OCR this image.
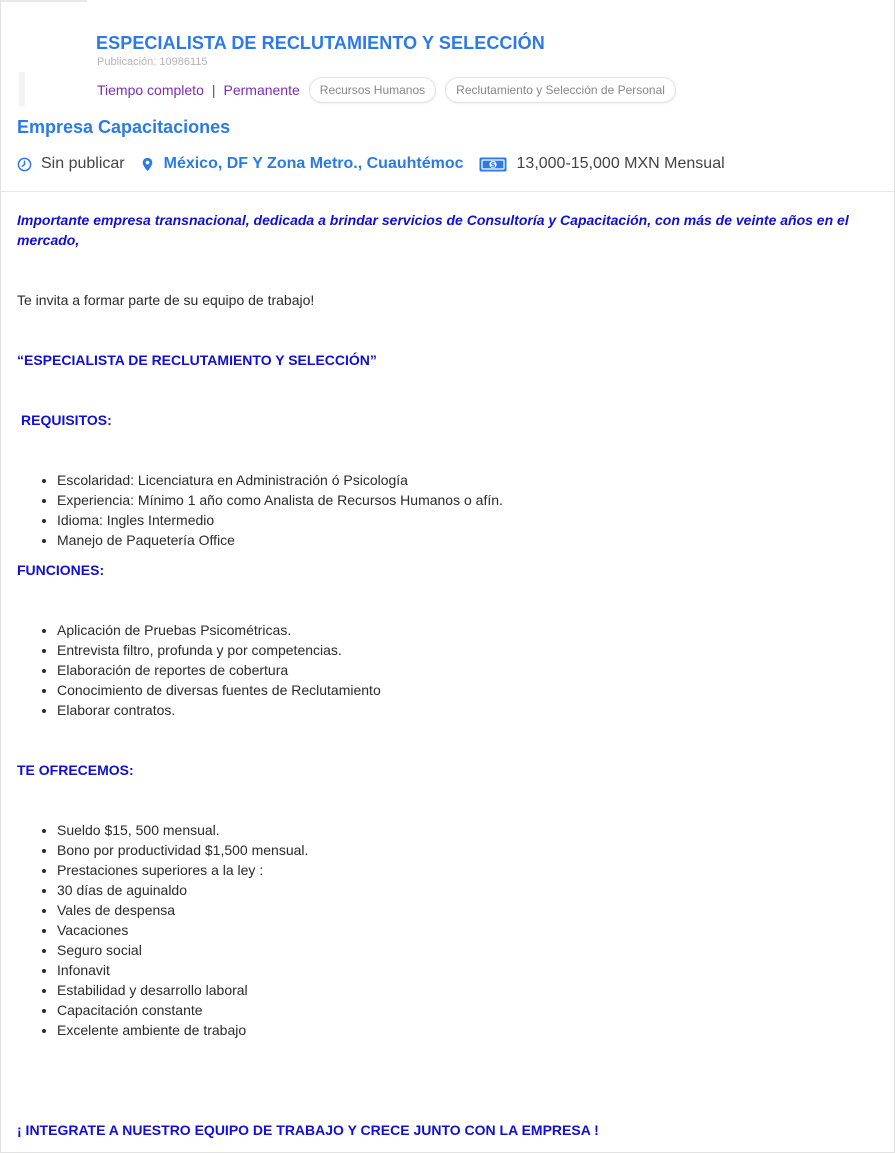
ESPECIALISTA DE RECLUTAMIENTO Y SELECCIÓN
Publicación: 10986115
Tiempo completo | Permanente	Recursos Humanos	Reclutamiento y Selección de Personal
Empresa Capacitaciones
Sin publicar México, DF Y Zona Metro., Cuauhtémoc	$ 13,000-15,000 MXN Mensual

Importante empresa transnacional, dedicada a brindar servicios de Consultoría y Capacitación, con más de veinte años en el mercado,

Te invita a formar parte de su equipo de trabajo!

“ESPECIALISTA DE RECLUTAMIENTO Y SELECCIÓN”

REQUISITOS:

• Escolaridad: Licenciatura en Administración ó Psicología
• Experiencia: Mínimo 1 año como Analista de Recursos Humanos o afín.
• Idioma: Ingles Intermedio
• Manejo de Paquetería Office

FUNCIONES:

• Aplicación de Pruebas Psicométricas.
• Entrevista filtro, profunda y por competencias.
• Elaboración de reportes de cobertura
• Conocimiento de diversas fuentes de Reclutamiento
• Elaborar contratos.

TE OFRECEMOS:

• Sueldo $15, 500 mensual.
• Bono por productividad $1,500 mensual.
• Prestaciones superiores a la ley :
• 30 días de aguinaldo
• Vales de despensa
• Vacaciones
• Seguro social
• Infonavit
• Estabilidad y desarrollo laboral
• Capacitación constante
• Excelente ambiente de trabajo

¡ INTEGRATE A NUESTRO EQUIPO DE TRABAJO Y CRECE JUNTO CON LA EMPRESA !
